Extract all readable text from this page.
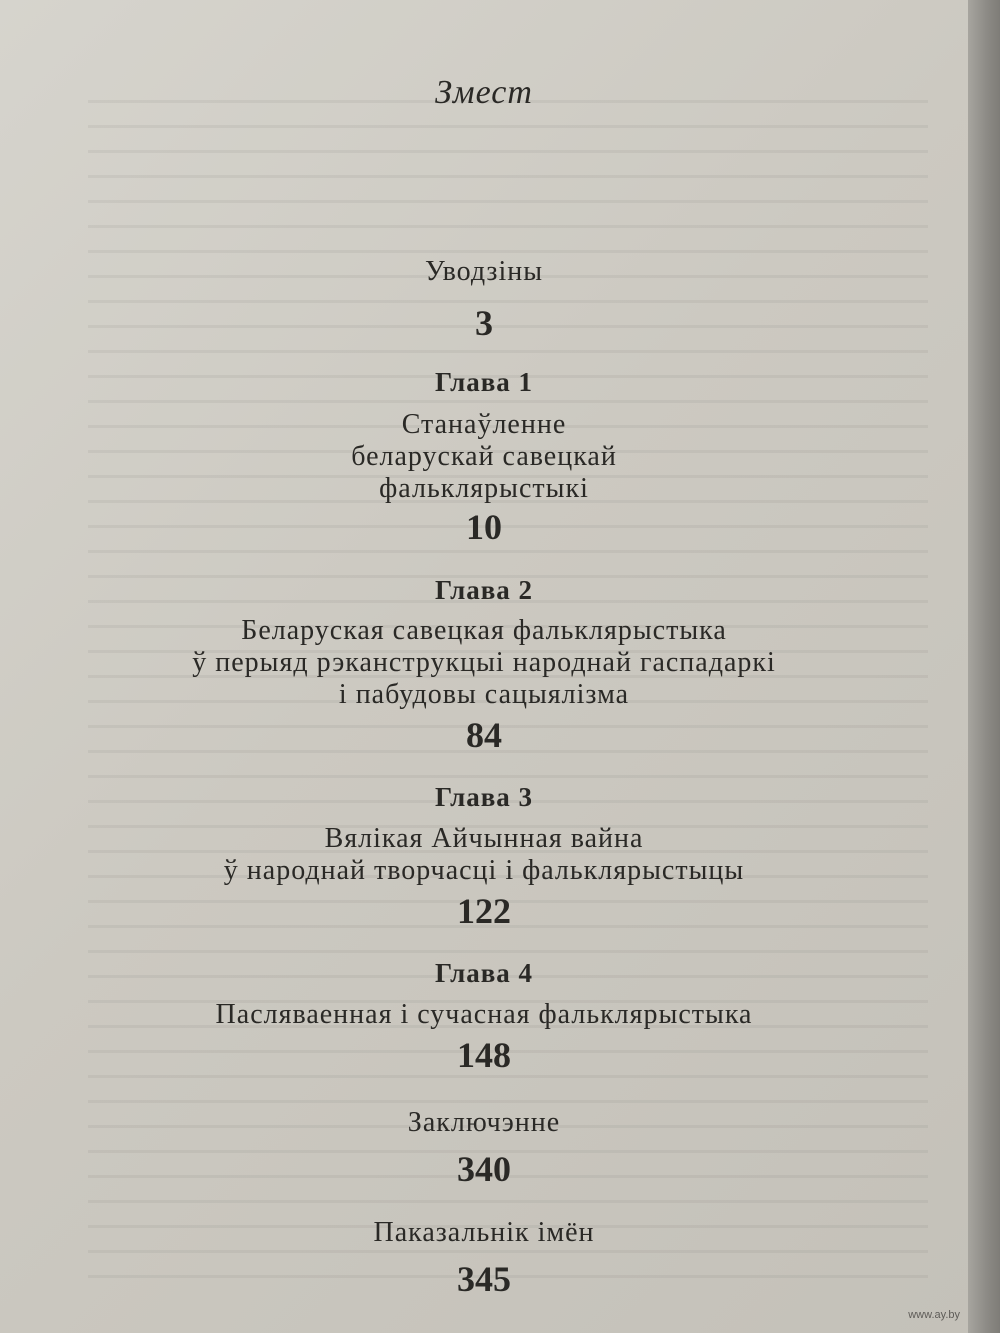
Змест
Уводзіны
3
Глава 1
Станаўленне
беларускай савецкай
фальклярыстыкі
10
Глава 2
Беларуская савецкая фальклярыстыка
ў перыяд рэканструкцыі народнай гаспадаркі
і пабудовы сацыялізма
84
Глава 3
Вялікая Айчынная вайна
ў народнай творчасці і фальклярыстыцы
122
Глава 4
Пасляваенная і сучасная фальклярыстыка
148
Заключэнне
340
Паказальнік імён
345
www.ay.by
